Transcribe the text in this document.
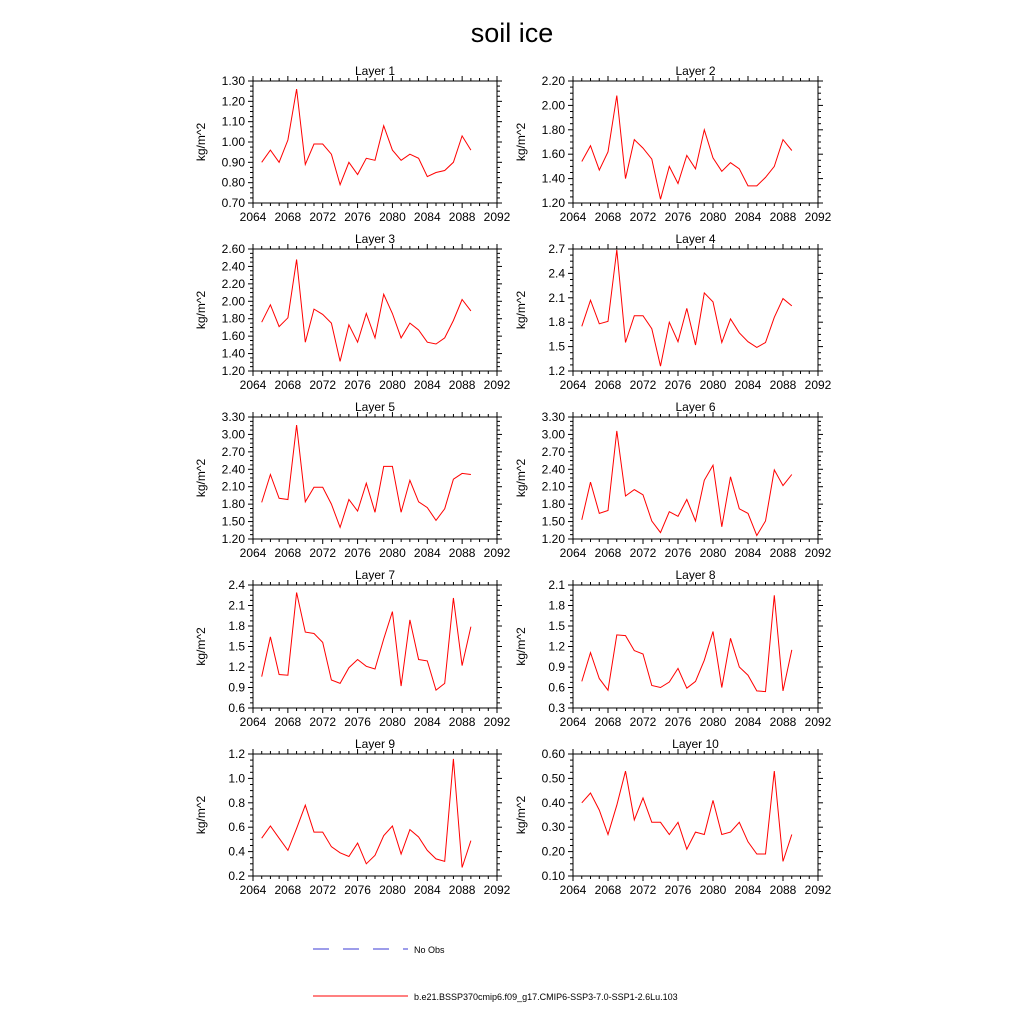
soil ice
Layer 1
2064 2068 2072 2076 2080 2084 2088 2092
0.70
0.80
0.90
1.00
1.10
1.20
1.30
kg/m^2
Layer 2
2064 2068 2072 2076 2080 2084 2088 2092
1.20
1.40
1.60
1.80
2.00
2.20
kg/m^2
Layer 3
2064 2068 2072 2076 2080 2084 2088 2092
1.20
1.40
1.60
1.80
2.00
2.20
2.40
2.60
kg/m^2
Layer 4
2064 2068 2072 2076 2080 2084 2088 2092
1.2
1.5
1.8
2.1
2.4
2.7
kg/m^2
Layer 5
2064 2068 2072 2076 2080 2084 2088 2092
1.20
1.50
1.80
2.10
2.40
2.70
3.00
3.30
kg/m^2
Layer 6
2064 2068 2072 2076 2080 2084 2088 2092
1.20
1.50
1.80
2.10
2.40
2.70
3.00
3.30
kg/m^2
Layer 7
2064 2068 2072 2076 2080 2084 2088 2092
0.6
0.9
1.2
1.5
1.8
2.1
2.4
kg/m^2
Layer 8
2064 2068 2072 2076 2080 2084 2088 2092
0.3
0.6
0.9
1.2
1.5
1.8
2.1
kg/m^2
Layer 9
2064 2068 2072 2076 2080 2084 2088 2092
0.2
0.4
0.6
0.8
1.0
1.2
kg/m^2
Layer 10
2064 2068 2072 2076 2080 2084 2088 2092
0.10
0.20
0.30
0.40
0.50
0.60
kg/m^2
No Obs
b.e21.BSSP370cmip6.f09_g17.CMIP6-SSP3-7.0-SSP1-2.6Lu.103
